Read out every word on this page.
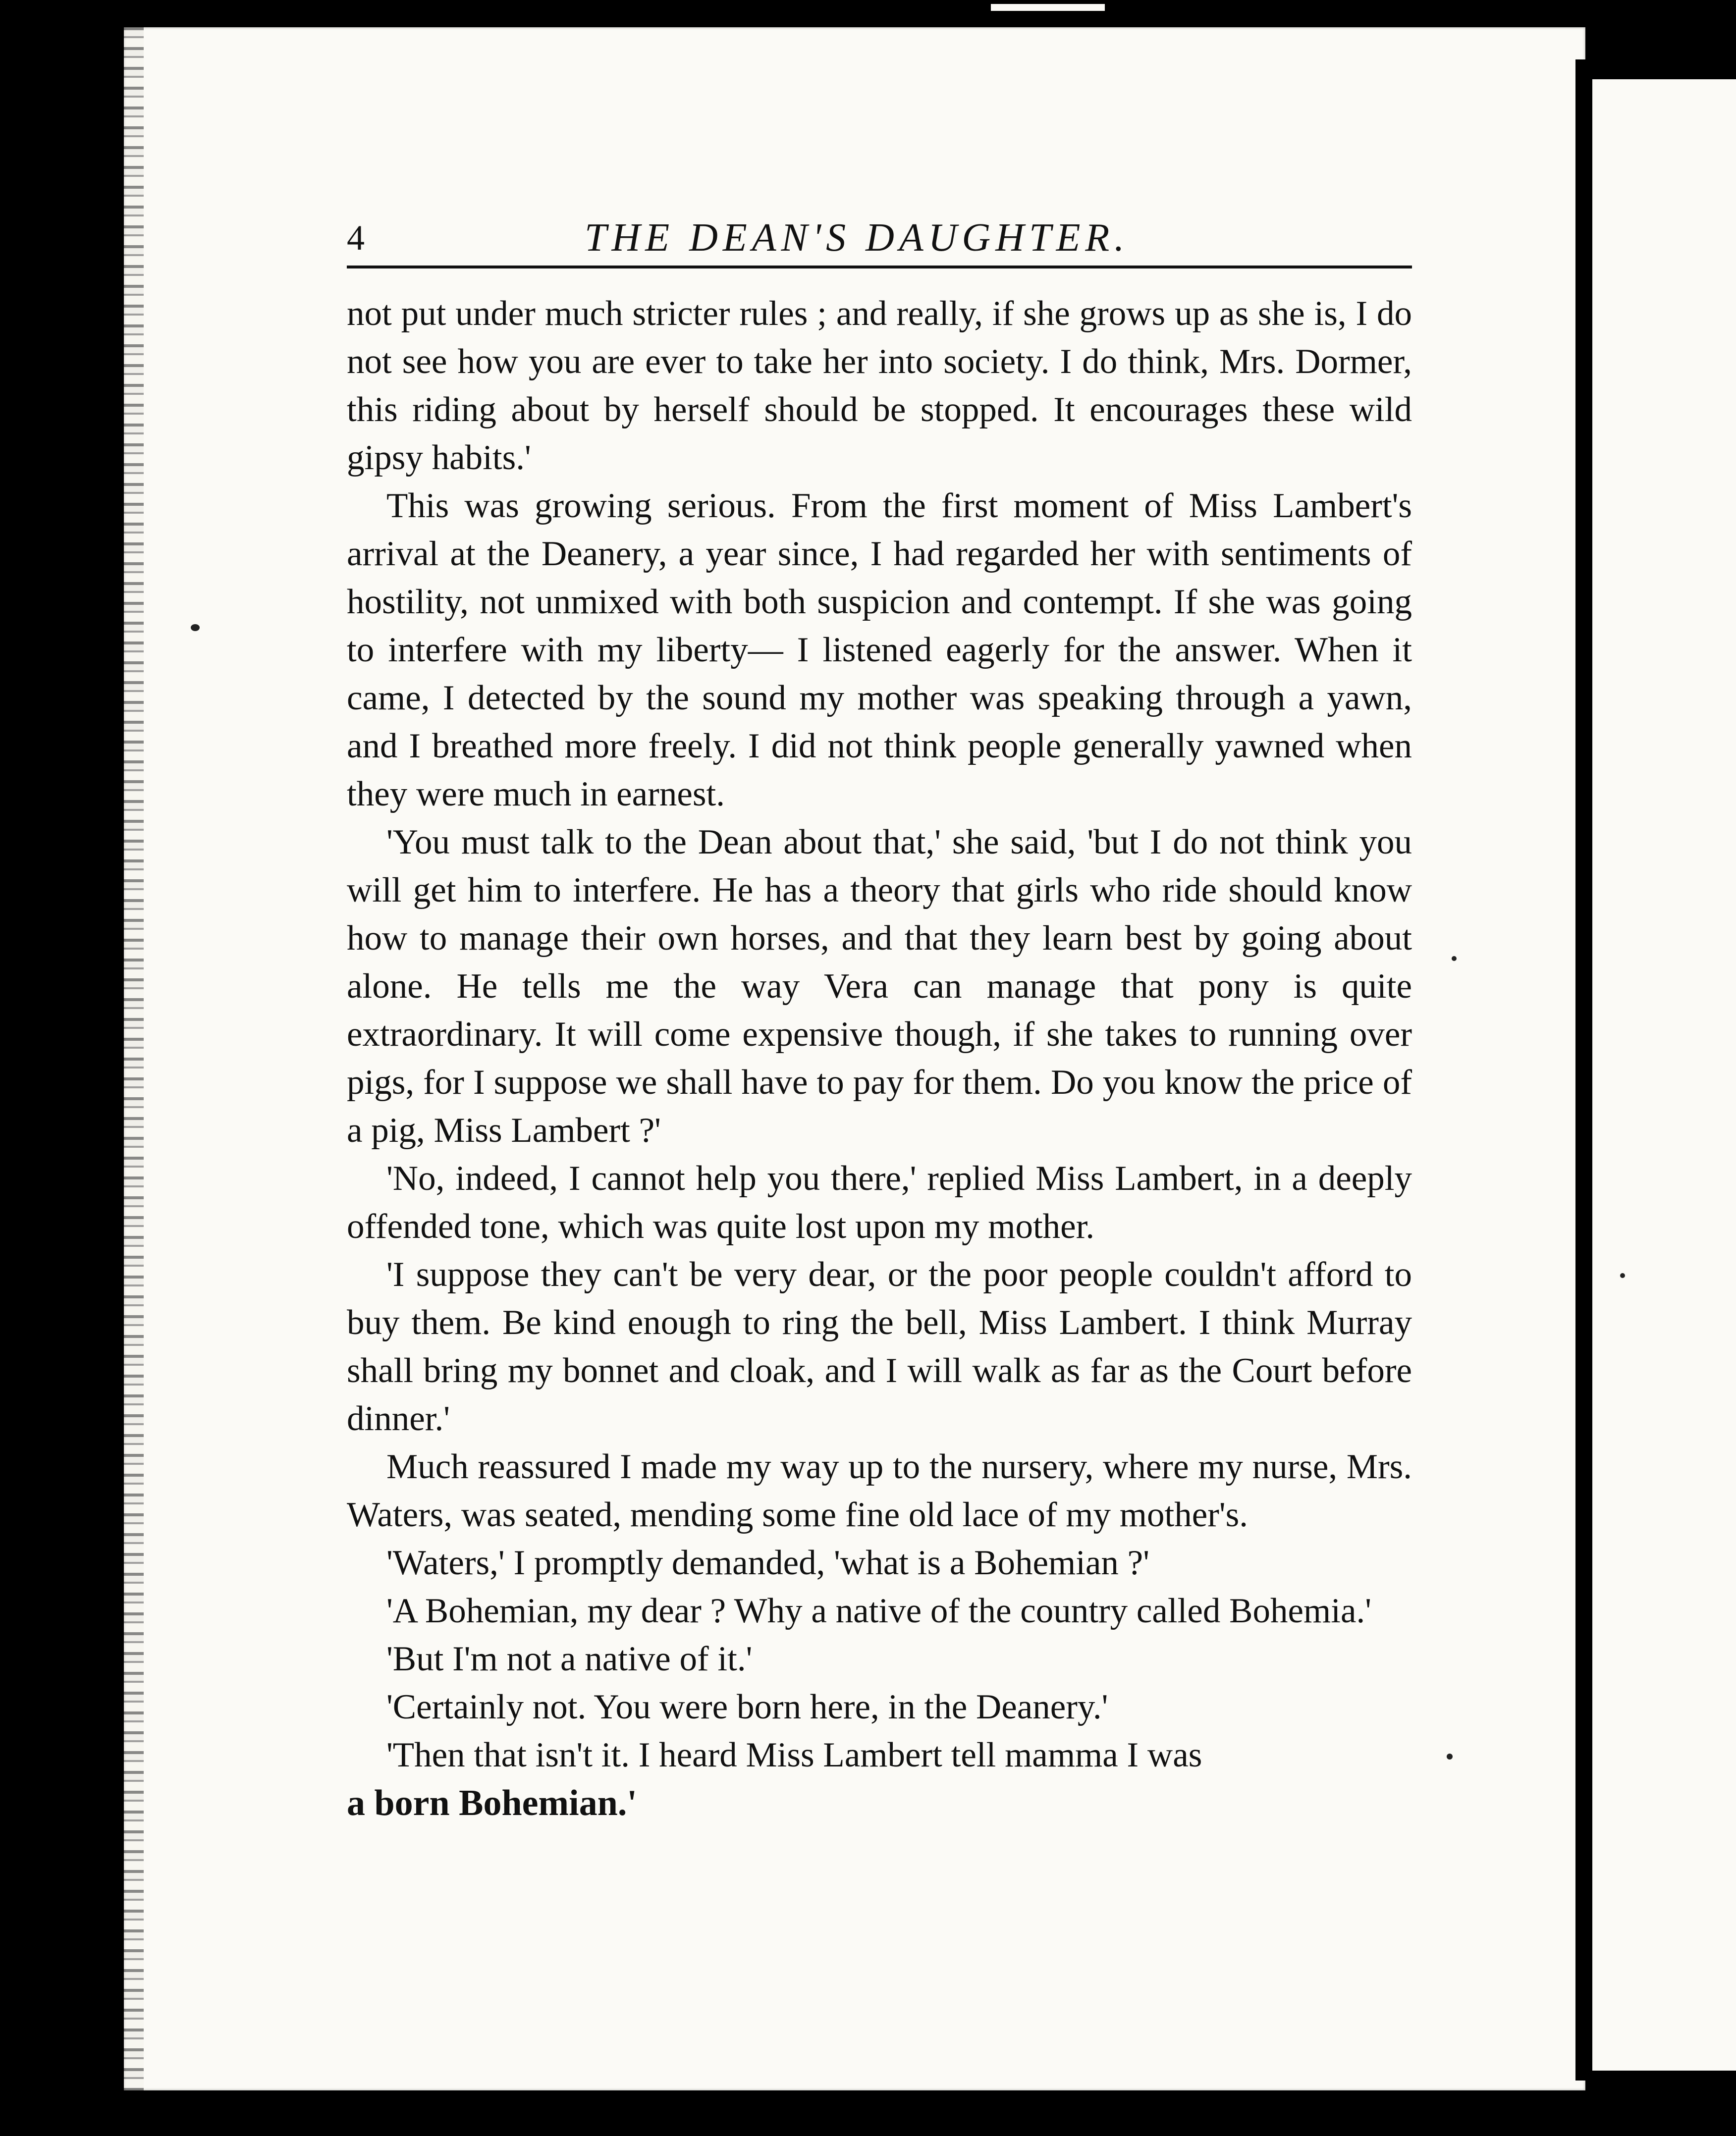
4	THE DEAN'S DAUGHTER.

not put under much stricter rules ; and really, if she grows up as she is, I do not see how you are ever to take her into society. I do think, Mrs. Dormer, this riding about by herself should be stopped. It encourages these wild gipsy habits.'

This was growing serious. From the first moment of Miss Lambert's arrival at the Deanery, a year since, I had regarded her with sentiments of hostility, not unmixed with both suspicion and contempt. If she was going to interfere with my liberty— I listened eagerly for the answer. When it came, I detected by the sound my mother was speaking through a yawn, and I breathed more freely. I did not think people generally yawned when they were much in earnest.

'You must talk to the Dean about that,' she said, 'but I do not think you will get him to interfere. He has a theory that girls who ride should know how to manage their own horses, and that they learn best by going about alone. He tells me the way Vera can manage that pony is quite extraordinary. It will come expensive though, if she takes to running over pigs, for I suppose we shall have to pay for them. Do you know the price of a pig, Miss Lambert ?'

'No, indeed, I cannot help you there,' replied Miss Lambert, in a deeply offended tone, which was quite lost upon my mother.

'I suppose they can't be very dear, or the poor people couldn't afford to buy them. Be kind enough to ring the bell, Miss Lambert. I think Murray shall bring my bonnet and cloak, and I will walk as far as the Court before dinner.'

Much reassured I made my way up to the nursery, where my nurse, Mrs. Waters, was seated, mending some fine old lace of my mother's.

'Waters,' I promptly demanded, 'what is a Bohemian ?'

'A Bohemian, my dear ? Why a native of the country called Bohemia.'

'But I'm not a native of it.'

'Certainly not. You were born here, in the Deanery.'

'Then that isn't it. I heard Miss Lambert tell mamma I was

a born Bohemian.'
